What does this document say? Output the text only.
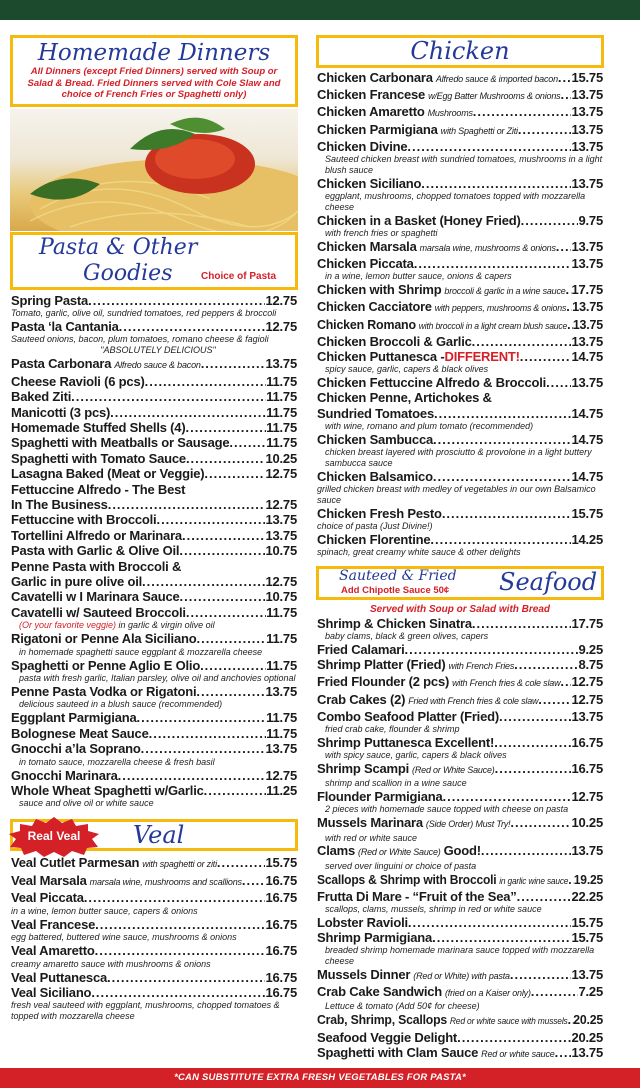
Homemade Dinners
All Dinners (except Fried Dinners) served with Soup or Salad & Bread. Fried Dinners served with Cole Slaw and choice of French Fries or Spaghetti only)
Pasta & Other
Goodies	Choice of Pasta
Spring Pasta .....	12.75
Tomato, garlic, olive oil, sundried tomatoes, red peppers & broccoli
Pasta ‘la Cantania .....	12.75
Sauteed onions, bacon, plum tomatoes, romano cheese & fagioli
"ABSOLUTELY DELICIOUS"
Pasta Carbonara Alfredo sauce & bacon .....	13.75
Cheese Ravioli (6 pcs) .....	11.75
Baked Ziti .....	11.75
Manicotti (3 pcs) .....	11.75
Homemade Stuffed Shells (4) .....	11.75
Spaghetti with Meatballs or Sausage .....	11.75
Spaghetti with Tomato Sauce .....	10.25
Lasagna Baked (Meat or Veggie) .....	12.75
Fettuccine Alfredo - The Best
In The Business .....	12.75
Fettuccine with Broccoli .....	13.75
Tortellini Alfredo or Marinara .....	13.75
Pasta with Garlic & Olive Oil .....	10.75
Penne Pasta with Broccoli &
Garlic in pure olive oil .....	12.75
Cavatelli w I Marinara Sauce .....	10.75
Cavatelli w/ Sauteed Broccoli .....	11.75
(Or your favorite veggie) in garlic & virgin olive oil
Rigatoni or Penne Ala Siciliano .....	11.75
in homemade spaghetti sauce eggplant & mozzarella cheese
Spaghetti or Penne Aglio E Olio .....	11.75
pasta with fresh garlic, Italian parsley, olive oil and anchovies optional
Penne Pasta Vodka or Rigatoni .....	13.75
delicious sauteed in a blush sauce (recommended)
Eggplant Parmigiana .....	11.75
Bolognese Meat Sauce .....	11.75
Gnocchi a’la Soprano .....	13.75
in tomato sauce, mozzarella cheese & fresh basil
Gnocchi Marinara .....	12.75
Whole Wheat Spaghetti w/Garlic .....	11.25
sauce and olive oil or white sauce
Veal
Real Veal
Veal Cutlet Parmesan with spaghetti or ziti .....	15.75
Veal Marsala marsala wine, mushrooms and scallions ..... 16.75
Veal Piccata .....	16.75
in a wine, lemon butter sauce, capers & onions
Veal Francese .....	16.75
egg battered, buttered wine sauce, mushrooms & onions
Veal Amaretto .....	16.75
creamy amaretto sauce with mushrooms & onions
Veal Puttanesca .....	16.75
Veal Siciliano .....	16.75
fresh veal sauteed with eggplant, mushrooms, chopped tomatoes & topped with mozzarella cheese
Chicken
Chicken Carbonara Alfredo sauce & imported bacon ..... 15.75
Chicken Francese w/Egg Batter Mushrooms & onions ..... 13.75
Chicken Amaretto Mushrooms .....	13.75
Chicken Parmigiana with Spaghetti or Ziti .....	13.75
Chicken Divine .....	13.75
Sauteed chicken breast with sundried tomatoes, mushrooms in a light blush sauce
Chicken Siciliano .....	13.75
eggplant, mushrooms, chopped tomatoes topped with mozzarella cheese
Chicken in a Basket (Honey Fried) .....	9.75
with french fries or spaghetti
Chicken Marsala marsala wine, mushrooms & onions ..... 13.75
Chicken Piccata .....	13.75
in a wine, lemon butter sauce, onions & capers
Chicken with Shrimp broccoli & garlic in a wine sauce ..... 17.75
Chicken Cacciatore with peppers, mushrooms & onions ..... 13.75
Chicken Romano with broccoli in a light cream blush sauce ..... 13.75
Chicken Broccoli & Garlic .....	13.75
Chicken Puttanesca - DIFFERENT! .....	14.75
spicy sauce, garlic, capers & black olives
Chicken Fettuccine Alfredo & Broccoli ..... 13.75
Chicken Penne, Artichokes &
Sundried Tomatoes .....	14.75
with wine, romano and plum tomato (recommended)
Chicken Sambucca .....	14.75
chicken breast layered with prosciutto & provolone in a light buttery sambucca sauce
Chicken Balsamico .....	14.75
grilled chicken breast with medley of vegetables in our own Balsamico sauce
Chicken Fresh Pesto .....	15.75
choice of pasta (Just Divine!)
Chicken Florentine .....	14.25
spinach, great creamy white sauce & other delights
Sauteed & Fried
Add Chipotle Sauce 50¢ Seafood
Served with Soup or Salad with Bread
Shrimp & Chicken Sinatra .....	17.75
baby clams, black & green olives, capers
Fried Calamari .....	9.25
Shrimp Platter (Fried) with French Fries .....	8.75
Fried Flounder (2 pcs) with French fries & cole slaw ..... 12.75
Crab Cakes (2) Fried with French fries & cole slaw .....	12.75
Combo Seafood Platter (Fried) .....	13.75
fried crab cake, flounder & shrimp
Shrimp Puttanesca Excellent! .....	16.75
with spicy sauce, garlic, capers & black olives
Shrimp Scampi (Red or White Sauce) .....	16.75
shrimp and scallion in a wine sauce
Flounder Parmigiana .....	12.75
2 pieces with homemade sauce topped with cheese on pasta
Mussels Marinara (Side Order) Must Try! .....	10.25
with red or white sauce
Clams (Red or White Sauce) Good! .....	13.75
served over linguini or choice of pasta
Scallops & Shrimp with Broccoli in garlic wine sauce ..... 19.25
Frutta Di Mare - “Fruit of the Sea” .....	22.25
scallops, clams, mussels, shrimp in red or white sauce
Lobster Ravioli .....	15.75
Shrimp Parmigiana .....	15.75
breaded shrimp homemade marinara sauce topped with mozzarella cheese
Mussels Dinner (Red or White) with pasta .....	13.75
Crab Cake Sandwich (fried on a Kaiser only) .....	7.25
Lettuce & tomato (Add 50¢ for cheese)
Crab, Shrimp, Scallops Red or white sauce with mussels ..... 20.25
Seafood Veggie Delight .....	20.25
Spaghetti with Clam Sauce Red or white sauce ..... 13.75
*CAN SUBSTITUTE EXTRA FRESH VEGETABLES FOR PASTA*
